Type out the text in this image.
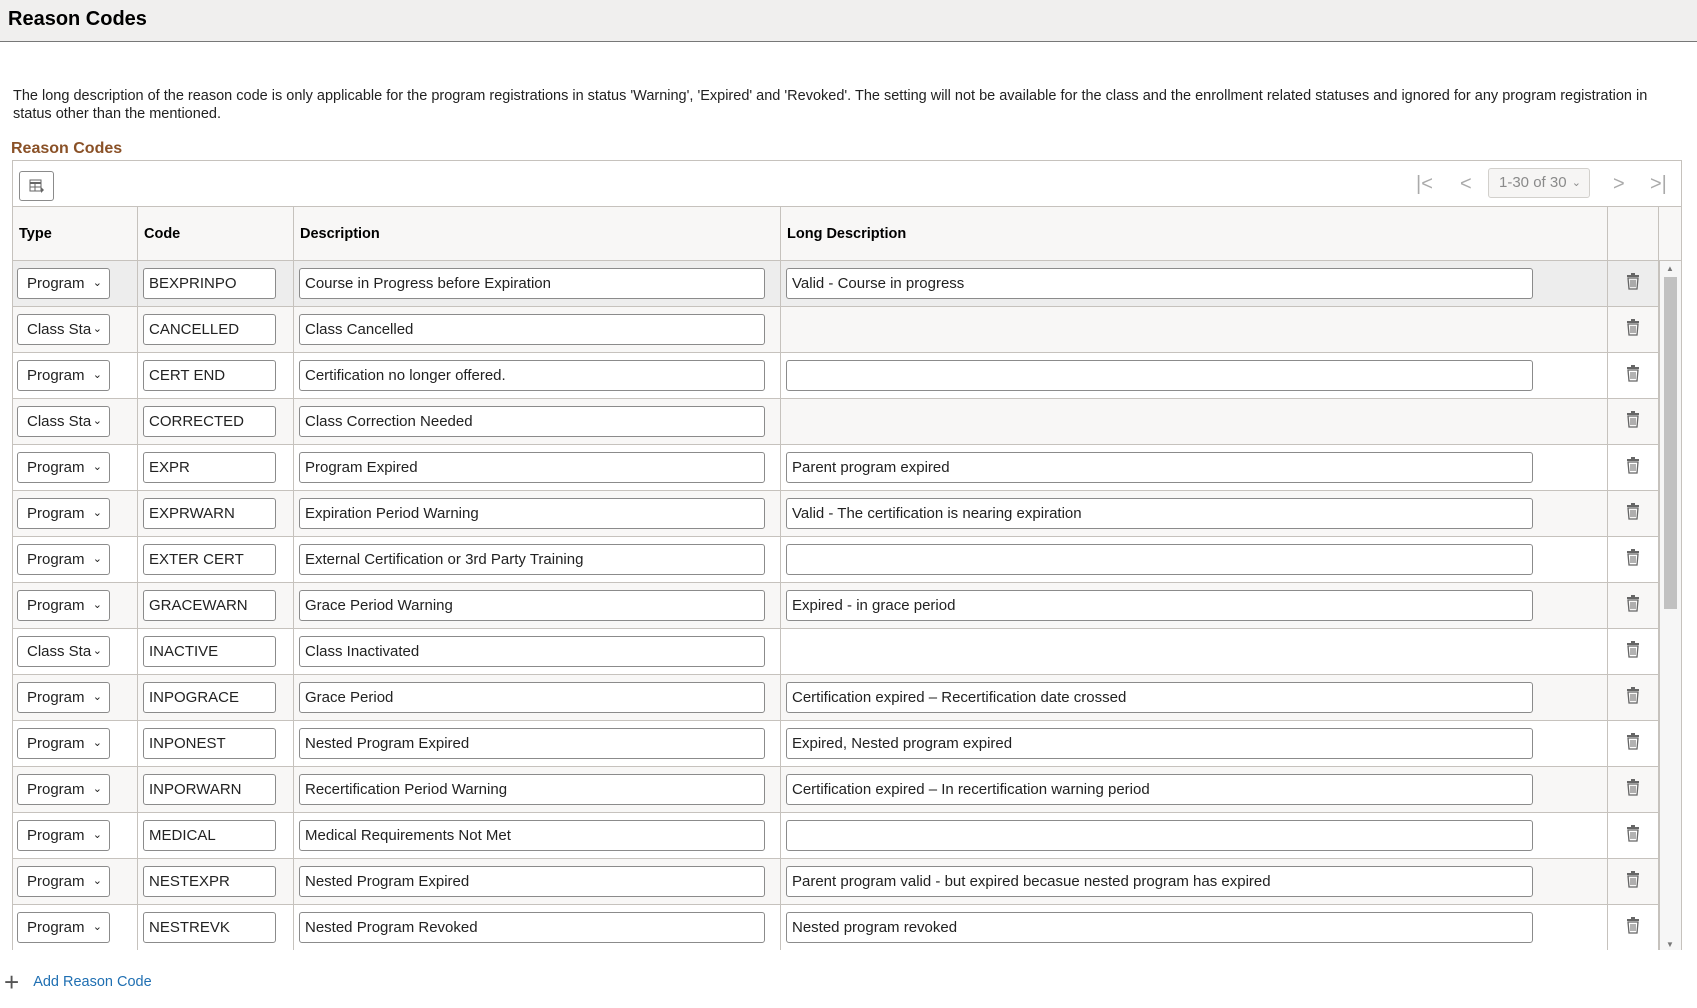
Reason Codes
The long description of the reason code is only applicable for the program registrations in status 'Warning', 'Expired' and 'Revoked'. The setting will not be available for the class and the enrollment related statuses and ignored for any program registration in status other than the mentioned.
Reason Codes
|< <	1-30 of 30 ⌄ > >|
Type	Code	Description	Long Description
Program ⌄	BEXPRINPO	Course in Progress before Expiration	Valid - Course in progress
Class Sta ⌄	CANCELLED	Class Cancelled
Program ⌄	CERT END	Certification no longer offered.
Class Sta ⌄	CORRECTED	Class Correction Needed
Program ⌄	EXPR	Program Expired	Parent program expired
Program ⌄	EXPRWARN	Expiration Period Warning	Valid - The certification is nearing expiration
Program ⌄	EXTER CERT	External Certification or 3rd Party Training
Program ⌄	GRACEWARN	Grace Period Warning	Expired - in grace period
Class Sta ⌄	INACTIVE	Class Inactivated
Program ⌄	INPOGRACE	Grace Period	Certification expired – Recertification date crossed
Program ⌄	INPONEST	Nested Program Expired	Expired, Nested program expired
Program ⌄	INPORWARN	Recertification Period Warning	Certification expired – In recertification warning period
Program ⌄	MEDICAL	Medical Requirements Not Met
Program ⌄	NESTEXPR	Nested Program Expired	Parent program valid - but expired becasue nested program has expired
Program ⌄	NESTREVK	Nested Program Revoked	Nested program revoked
▲
▼
+ Add Reason Code
